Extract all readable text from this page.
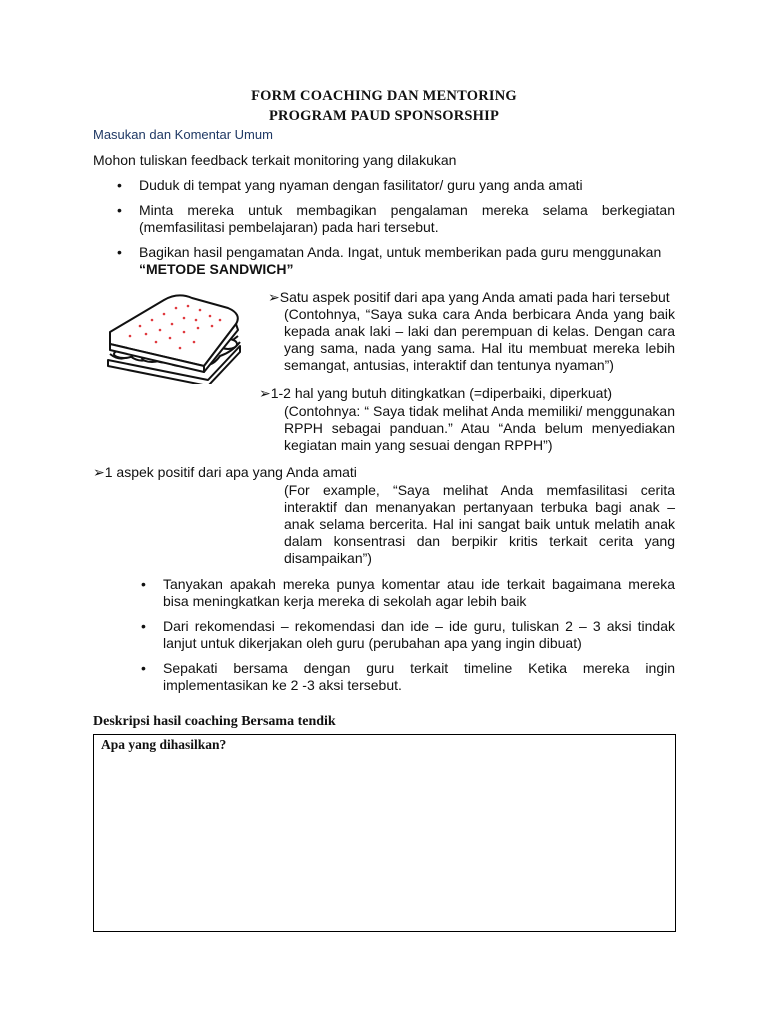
FORM COACHING DAN MENTORING
PROGRAM PAUD SPONSORSHIP
Masukan dan Komentar Umum
Mohon tuliskan feedback terkait monitoring yang dilakukan
• Duduk di tempat yang nyaman dengan fasilitator/ guru yang anda amati
• Minta mereka untuk membagikan pengalaman mereka selama berkegiatan (memfasilitasi pembelajaran) pada hari tersebut.
• Bagikan hasil pengamatan Anda. Ingat, untuk memberikan pada guru menggunakan
“METODE SANDWICH”
➢Satu aspek positif dari apa yang Anda amati pada hari tersebut
(Contohnya, “Saya suka cara Anda berbicara Anda yang baik kepada anak laki – laki dan perempuan di kelas. Dengan cara yang sama, nada yang sama. Hal itu membuat mereka lebih semangat, antusias, interaktif dan tentunya nyaman”)
➢1-2 hal yang butuh ditingkatkan (=diperbaiki, diperkuat)
(Contohnya: “ Saya tidak melihat Anda memiliki/ menggunakan RPPH sebagai panduan.” Atau “Anda belum menyediakan kegiatan main yang sesuai dengan RPPH”)
➢1 aspek positif dari apa yang Anda amati
(For example, “Saya melihat Anda memfasilitasi cerita interaktif dan menanyakan pertanyaan terbuka bagi anak – anak selama bercerita. Hal ini sangat baik untuk melatih anak dalam konsentrasi dan berpikir kritis terkait cerita yang disampaikan”)
• Tanyakan apakah mereka punya komentar atau ide terkait bagaimana mereka bisa meningkatkan kerja mereka di sekolah agar lebih baik
• Dari rekomendasi – rekomendasi dan ide – ide guru, tuliskan 2 – 3 aksi tindak lanjut untuk dikerjakan oleh guru (perubahan apa yang ingin dibuat)
• Sepakati bersama dengan guru terkait timeline Ketika mereka ingin implementasikan ke 2 -3 aksi tersebut.
Deskripsi hasil coaching Bersama tendik
Apa yang dihasilkan?
